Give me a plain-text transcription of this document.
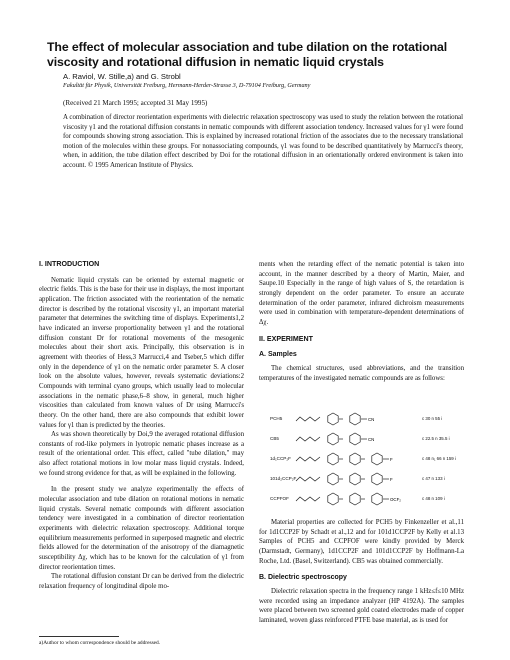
The effect of molecular association and tube dilation on the rotational viscosity and rotational diffusion in nematic liquid crystals
A. Raviol, W. Stille,a) and G. Strobl
Fakultät für Physik, Universität Freiburg, Hermann-Herder-Strasse 3, D-79104 Freiburg, Germany
(Received 21 March 1995; accepted 31 May 1995)
A combination of director reorientation experiments with dielectric relaxation spectroscopy was used to study the relation between the rotational viscosity γ1 and the rotational diffusion constants in nematic compounds with different association tendency. Increased values for γ1 were found for compounds showing strong association. This is explained by increased rotational friction of the associates due to the necessary translational motion of the molecules within these groups. For nonassociating compounds, γ1 was found to be described quantitatively by Marrucci's theory, when, in addition, the tube dilation effect described by Doi for the rotational diffusion in an orientationally ordered environment is taken into account. © 1995 American Institute of Physics.
I. INTRODUCTION

Nematic liquid crystals can be oriented by external magnetic or electric fields. This is the base for their use in displays, the most important application. The friction associated with the reorientation of the nematic director is described by the rotational viscosity γ1, an important material parameter that determines the switching time of displays. Experiments1,2 have indicated an inverse proportionality between γ1 and the rotational diffusion constant Dr for rotational movements of the mesogenic molecules about their short axis. Principally, this observation is in agreement with theories of Hess,3 Marrucci,4 and Tseber,5 which differ only in the dependence of γ1 on the nematic order parameter S. A closer look on the absolute values, however, reveals systematic deviations:2 Compounds with terminal cyano groups, which usually lead to molecular associations in the nematic phase,6–8 show, in general, much higher viscosities than calculated from known values of Dr using Marrucci's theory. On the other hand, there are also compounds that exhibit lower values for γ1 than is predicted by the theories.

As was shown theoretically by Doi,9 the averaged rotational diffusion constants of rod-like polymers in lyotropic nematic phases increase as a result of the orientational order. This effect, called "tube dilation," may also affect rotational motions in low molar mass liquid crystals. Indeed, we found strong evidence for that, as will be explained in the following.

In the present study we analyze experimentally the effects of molecular association and tube dilation on rotational motions in nematic liquid crystals. Several nematic compounds with different association tendency were investigated in a combination of director reorientation experiments with dielectric relaxation spectroscopy. Additional torque equilibrium measurements performed in superposed magnetic and electric fields allowed for the determination of the anisotropy of the diamagnetic susceptibility Δχ, which has to be known for the calculation of γ1 from director reorientation times.

The rotational diffusion constant Dr can be derived from the dielectric relaxation frequency of longitudinal dipole mo-

a)Author to whom correspondence should be addressed.

ments when the retarding effect of the nematic potential is taken into account, in the manner described by a theory of Martin, Maier, and Saupe.10 Especially in the range of high values of S, the retardation is strongly dependent on the order parameter. To ensure an accurate determination of the order parameter, infrared dichroism measurements were used in combination with temperature-dependent determinations of Δχ.

II. EXPERIMENT
A. Samples

The chemical structures, used abbreviations, and the transition temperatures of the investigated nematic compounds are as follows:

PCH5	CN	c 30 n 55 i
CB5	CN	c 22.5 n 35.5 i
1d₁CCP₂F	F	c 48 n₁ 66 n 159 i
101d₂CCP₂F	F	c 47 n 133 i
CCPFOF	OCF₂	c 48 n 109 i

Material properties are collected for PCH5 by Finkenzeller et al.,11 for 1d1CCP2F by Schadt et al.,12 and for 101d1CCP2F by Kelly et al.13 Samples of PCH5 and CCPFOF were kindly provided by Merck (Darmstadt, Germany), 1d1CCP2F and 101d1CCP2F by Hoffmann-La Roche, Ltd. (Basel, Switzerland). CB5 was obtained commercially.

B. Dielectric spectroscopy

Dielectric relaxation spectra in the frequency range 1 kHz≤f≤10 MHz were recorded using an impedance analyzer (HP 4192A). The samples were placed between two screened gold coated electrodes made of copper laminated, woven glass reinforced PTFE base material, as is used for
